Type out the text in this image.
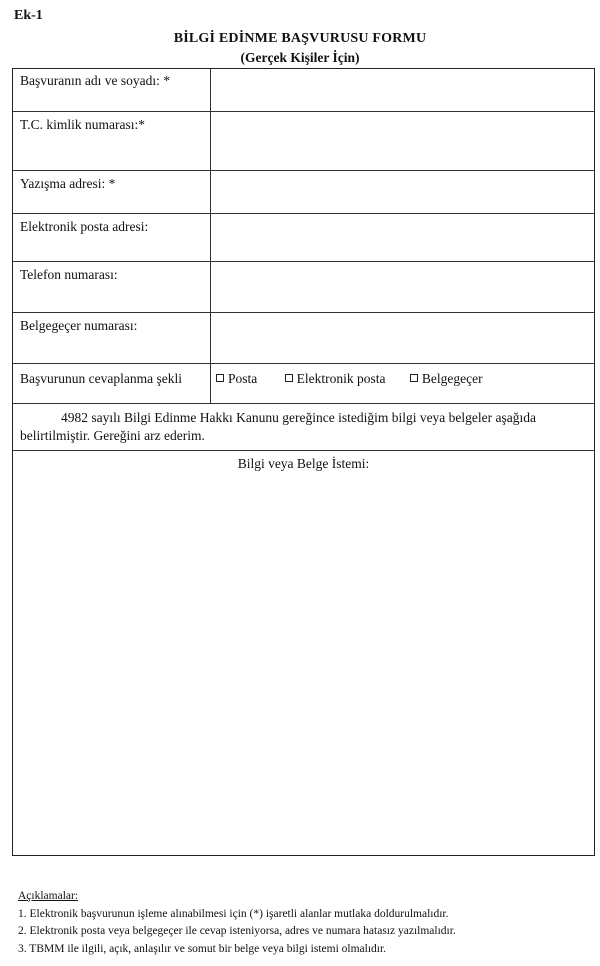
Ek-1
BİLGİ EDİNME BAŞVURUSU FORMU
(Gerçek Kişiler İçin)
Başvuranın adı ve soyadı: *
T.C. kimlik numarası:*
Yazışma adresi: *
Elektronik posta adresi:
Telefon numarası:
Belgegeçer numarası:
Başvurunun cevaplanma şekli	Posta	Elektronik posta	Belgegeçer
4982 sayılı Bilgi Edinme Hakkı Kanunu gereğince istediğim bilgi veya belgeler aşağıda
belirtilmiştir. Gereğini arz ederim.
Bilgi veya Belge İstemi:
Açıklamalar:
1. Elektronik başvurunun işleme alınabilmesi için (*) işaretli alanlar mutlaka doldurulmalıdır.
2. Elektronik posta veya belgegeçer ile cevap isteniyorsa, adres ve numara hatasız yazılmalıdır.
3. TBMM ile ilgili, açık, anlaşılır ve somut bir belge veya bilgi istemi olmalıdır.
